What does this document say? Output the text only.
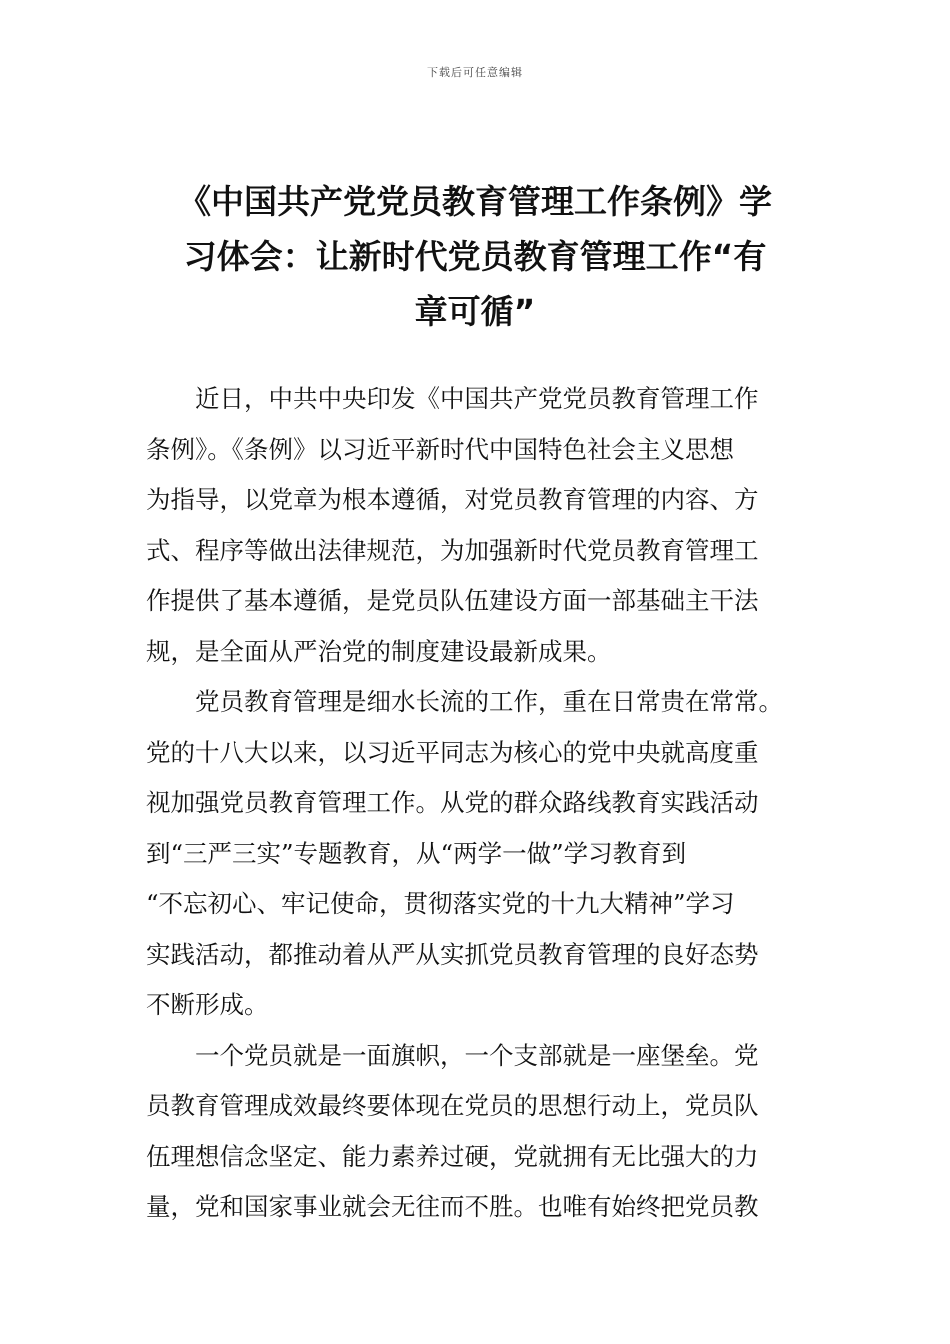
下载后可任意编辑
《中国共产党党员教育管理工作条例》学
习体会：让新时代党员教育管理工作“有
章可循”
近日，中共中央印发《中国共产党党员教育管理工作
条例》。《条例》以习近平新时代中国特色社会主义思想
为指导，以党章为根本遵循，对党员教育管理的内容、方
式、程序等做出法律规范，为加强新时代党员教育管理工
作提供了基本遵循，是党员队伍建设方面一部基础主干法
规，是全面从严治党的制度建设最新成果。
党员教育管理是细水长流的工作，重在日常贵在常常。
党的十八大以来，以习近平同志为核心的党中央就高度重
视加强党员教育管理工作。从党的群众路线教育实践活动
到“三严三实”专题教育，从“两学一做”学习教育到
“不忘初心、牢记使命，贯彻落实党的十九大精神”学习
实践活动，都推动着从严从实抓党员教育管理的良好态势
不断形成。
一个党员就是一面旗帜，一个支部就是一座堡垒。党
员教育管理成效最终要体现在党员的思想行动上，党员队
伍理想信念坚定、能力素养过硬，党就拥有无比强大的力
量，党和国家事业就会无往而不胜。也唯有始终把党员教
